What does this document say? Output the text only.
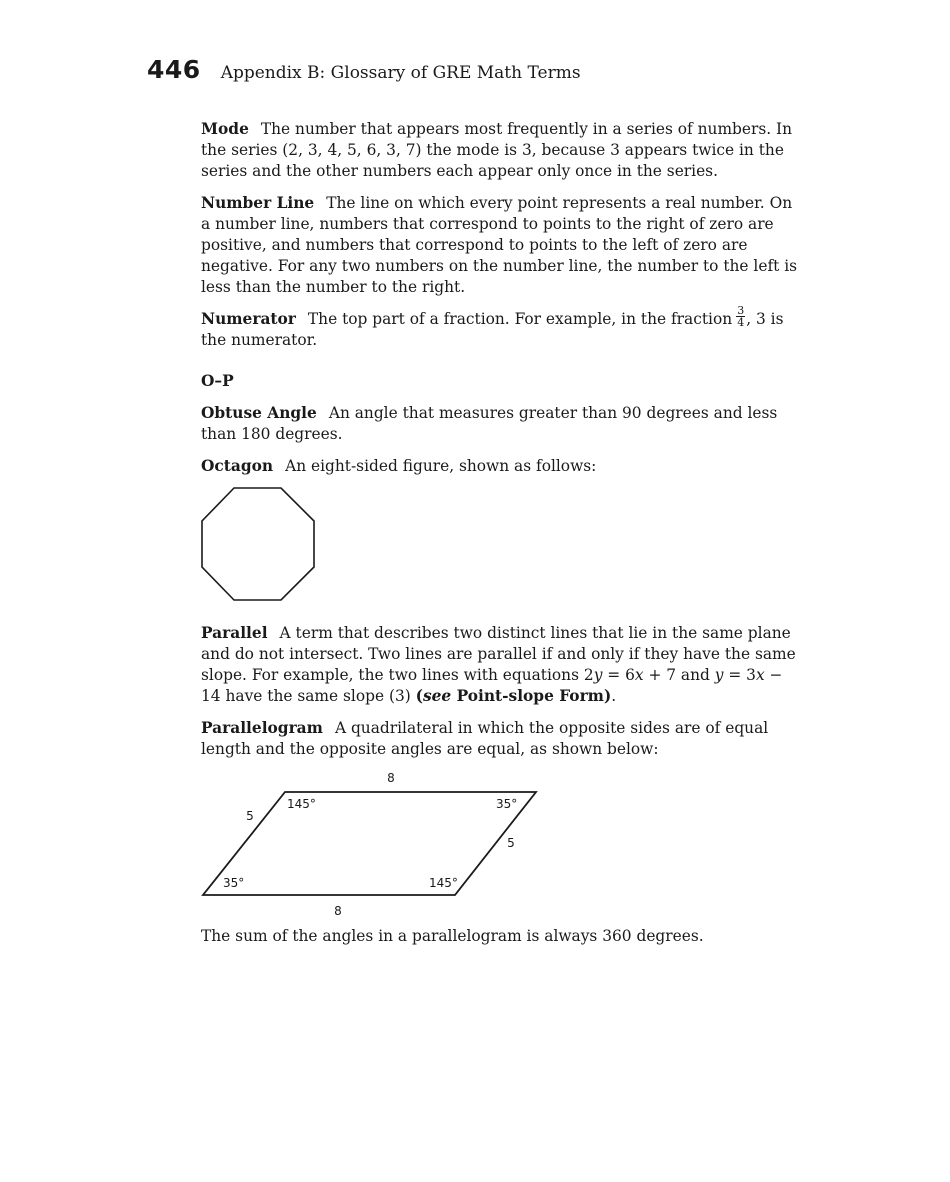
446 Appendix B: Glossary of GRE Math Terms

Mode The number that appears most frequently in a series of numbers. In the series (2, 3, 4, 5, 6, 3, 7) the mode is 3, because 3 appears twice in the series and the other numbers each appear only once in the series.

Number Line The line on which every point represents a real number. On a number line, numbers that correspond to points to the right of zero are positive, and numbers that correspond to points to the left of zero are negative. For any two numbers on the number line, the number to the left is less than the number to the right.

Numerator The top part of a fraction. For example, in the fraction  $\frac{3}{4}$ , 3 is the numerator.

O–P

Obtuse Angle An angle that measures greater than 90 degrees and less than 180 degrees.

Octagon An eight-sided figure, shown as follows:

Parallel A term that describes two distinct lines that lie in the same plane and do not intersect. Two lines are parallel if and only if they have the same slope. For example, the two lines with equations 2y = 6x + 7 and y = 3x − 14 have the same slope (3) (see Point-slope Form).

Parallelogram A quadrilateral in which the opposite sides are of equal length and the opposite angles are equal, as shown below:

8
8
5
5
145°	35°
35°	145°

The sum of the angles in a parallelogram is always 360 degrees.
